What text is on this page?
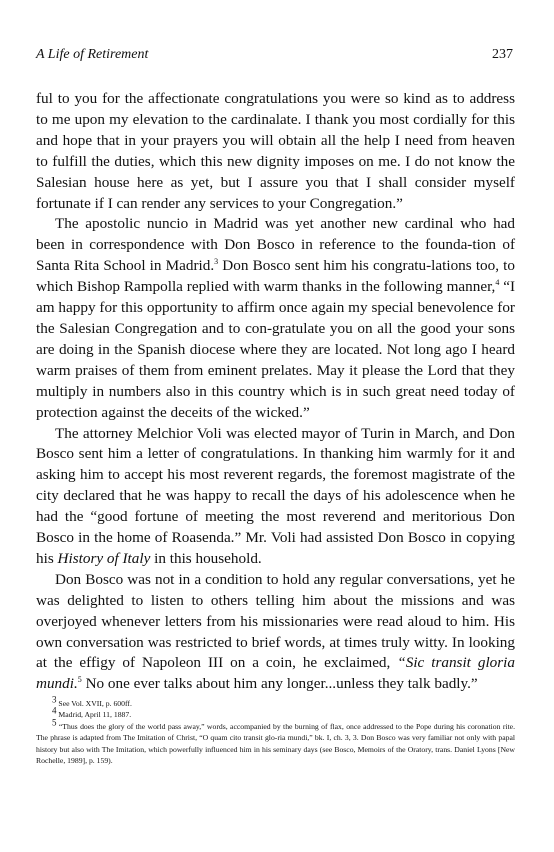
A Life of Retirement	237

ful to you for the affectionate congratulations you were so kind as to address to me upon my elevation to the cardinalate. I thank you most cordially for this and hope that in your prayers you will obtain all the help I need from heaven to fulfill the duties, which this new dignity imposes on me. I do not know the Salesian house here as yet, but I assure you that I shall consider myself fortunate if I can render any services to your Congregation.”

The apostolic nuncio in Madrid was yet another new cardinal who had been in correspondence with Don Bosco in reference to the founda-tion of Santa Rita School in Madrid.$^3$ Don Bosco sent him his congratu-lations too, to which Bishop Rampolla replied with warm thanks in the following manner,$^4$ “I am happy for this opportunity to affirm once again my special benevolence for the Salesian Congregation and to con-gratulate you on all the good your sons are doing in the Spanish diocese where they are located. Not long ago I heard warm praises of them from eminent prelates. May it please the Lord that they multiply in numbers also in this country which is in such great need today of protection against the deceits of the wicked.”

The attorney Melchior Voli was elected mayor of Turin in March, and Don Bosco sent him a letter of congratulations. In thanking him warmly for it and asking him to accept his most reverent regards, the foremost magistrate of the city declared that he was happy to recall the days of his adolescence when he had the “good fortune of meeting the most reverend and meritorious Don Bosco in the home of Roasenda.” Mr. Voli had assisted Don Bosco in copying his History of Italy in this household.

Don Bosco was not in a condition to hold any regular conversations, yet he was delighted to listen to others telling him about the missions and was overjoyed whenever letters from his missionaries were read aloud to him. His own conversation was restricted to brief words, at times truly witty. In looking at the effigy of Napoleon III on a coin, he exclaimed, “Sic transit gloria mundi.$^5$ No one ever talks about him any longer...unless they talk badly.”

$^3$ See Vol. XVII, p. 600ff.

$^4$ Madrid, April 11, 1887.

$^5$ “Thus does the glory of the world pass away,” words, accompanied by the burning of flax, once addressed to the Pope during his coronation rite. The phrase is adapted from The Imitation of Christ, “O quam cito transit glo-ria mundi,” bk. I, ch. 3, 3. Don Bosco was very familiar not only with papal history but also with The Imitation, which powerfully influenced him in his seminary days (see Bosco, Memoirs of the Oratory, trans. Daniel Lyons [New Rochelle, 1989], p. 159).
